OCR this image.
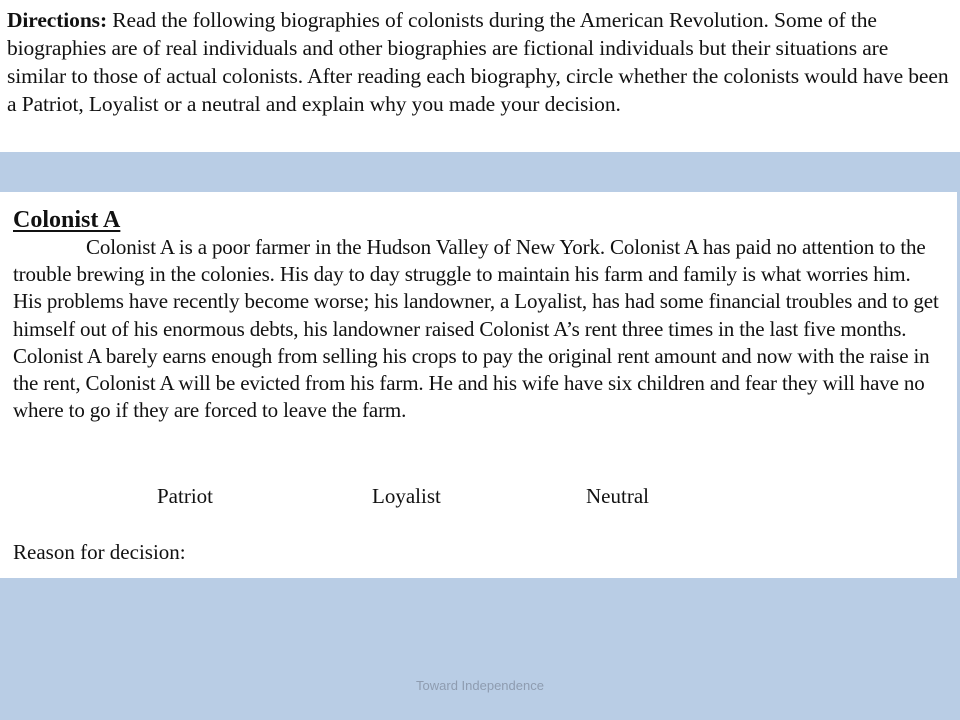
Directions: Read the following biographies of colonists during the American Revolution. Some of the biographies are of real individuals and other biographies are fictional individuals but their situations are similar to those of actual colonists. After reading each biography, circle whether the colonists would have been a Patriot, Loyalist or a neutral and explain why you made your decision.

Colonist A

Colonist A is a poor farmer in the Hudson Valley of New York. Colonist A has paid no attention to the trouble brewing in the colonies. His day to day struggle to maintain his farm and family is what worries him. His problems have recently become worse; his landowner, a Loyalist, has had some financial troubles and to get himself out of his enormous debts, his landowner raised Colonist A’s rent three times in the last five months. Colonist A barely earns enough from selling his crops to pay the original rent amount and now with the raise in the rent, Colonist A will be evicted from his farm. He and his wife have six children and fear they will have no where to go if they are forced to leave the farm.

Patriot	Loyalist	Neutral

Reason for decision:

Toward Independence
